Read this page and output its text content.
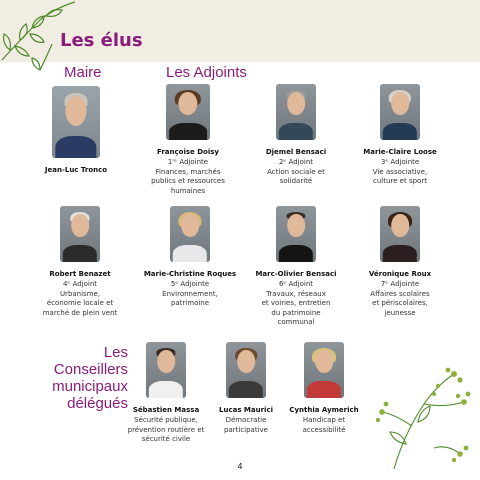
Les élus
Maire	Les Adjoints
Jean-Luc Tronco
Françoise Doisy
1ʳᵉ Adjointe
Finances, marchés
publics et ressources
humaines
Djemel Bensaci
2ᵉ Adjoint
Action sociale et
solidarité
Marie-Claire Loose
3ᵉ Adjointe
Vie associative,
culture et sport
Robert Benazet
4ᵉ Adjoint
Urbanisme,
économie locale et
marché de plein vent
Marie-Christine Roques
5ᵉ Adjointe
Environnement,
patrimoine
Marc-Olivier Bensaci
6ᵉ Adjoint
Travaux, réseaux
et voiries, entretien
du patrimoine
communal
Véronique Roux
7ᵉ Adjointe
Affaires scolaires
et périscolaires,
jeunesse
Les Conseillers
municipaux
délégués Sébastien Massa
Sécurité publique,
prévention routière et
sécurité civile
Lucas Maurici
Démocratie
participative
Cynthia Aymerich
Handicap et
accessibilité
4
